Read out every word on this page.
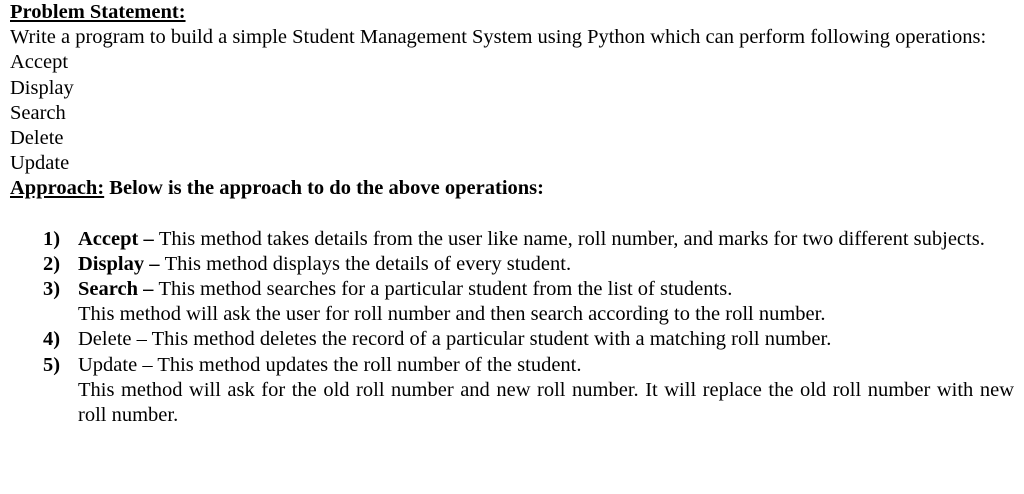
Problem Statement:
Write a program to build a simple Student Management System using Python which can perform following operations:
Accept
Display
Search
Delete
Update
Approach: Below is the approach to do the above operations:
1) Accept – This method takes details from the user like name, roll number, and marks for two different subjects.
2) Display – This method displays the details of every student.
3) Search – This method searches for a particular student from the list of students.
This method will ask the user for roll number and then search according to the roll number.
4) Delete – This method deletes the record of a particular student with a matching roll number.
5) Update – This method updates the roll number of the student.
This method will ask for the old roll number and new roll number. It will replace the old roll number with new roll number.
